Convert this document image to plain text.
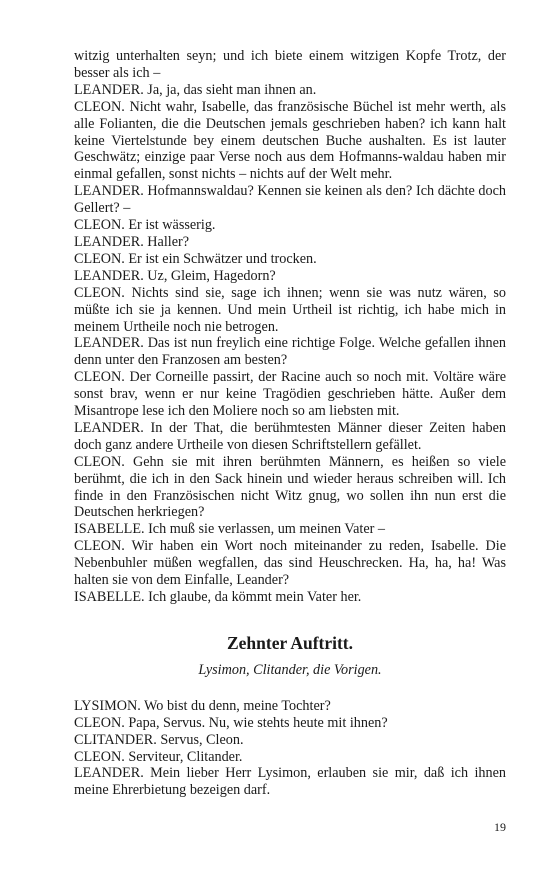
witzig unterhalten seyn; und ich biete einem witzigen Kopfe Trotz, der besser als ich –

LEANDER. Ja, ja, das sieht man ihnen an.

CLEON. Nicht wahr, Isabelle, das französische Büchel ist mehr werth, als alle Folianten, die die Deutschen jemals geschrieben haben? ich kann halt keine Viertelstunde bey einem deutschen Buche aushalten. Es ist lauter Geschwätz; einzige paar Verse noch aus dem Hofmanns-waldau haben mir einmal gefallen, sonst nichts – nichts auf der Welt mehr.

LEANDER. Hofmannswaldau? Kennen sie keinen als den? Ich dächte doch Gellert? –

CLEON. Er ist wässerig.

LEANDER. Haller?

CLEON. Er ist ein Schwätzer und trocken.

LEANDER. Uz, Gleim, Hagedorn?

CLEON. Nichts sind sie, sage ich ihnen; wenn sie was nutz wären, so müßte ich sie ja kennen. Und mein Urtheil ist richtig, ich habe mich in meinem Urtheile noch nie betrogen.

LEANDER. Das ist nun freylich eine richtige Folge. Welche gefallen ihnen denn unter den Franzosen am besten?

CLEON. Der Corneille passirt, der Racine auch so noch mit. Voltäre wäre sonst brav, wenn er nur keine Tragödien geschrieben hätte. Außer dem Misantrope lese ich den Moliere noch so am liebsten mit.

LEANDER. In der That, die berühmtesten Männer dieser Zeiten haben doch ganz andere Urtheile von diesen Schriftstellern gefället.

CLEON. Gehn sie mit ihren berühmten Männern, es heißen so viele berühmt, die ich in den Sack hinein und wieder heraus schreiben will. Ich finde in den Französischen nicht Witz gnug, wo sollen ihn nun erst die Deutschen herkriegen?

ISABELLE. Ich muß sie verlassen, um meinen Vater –

CLEON. Wir haben ein Wort noch miteinander zu reden, Isabelle. Die Nebenbuhler müßen wegfallen, das sind Heuschrecken. Ha, ha, ha! Was halten sie von dem Einfalle, Leander?

ISABELLE. Ich glaube, da kömmt mein Vater her.

Zehnter Auftritt.

Lysimon, Clitander, die Vorigen.

LYSIMON. Wo bist du denn, meine Tochter?

CLEON. Papa, Servus. Nu, wie stehts heute mit ihnen?

CLITANDER. Servus, Cleon.

CLEON. Serviteur, Clitander.

LEANDER. Mein lieber Herr Lysimon, erlauben sie mir, daß ich ihnen meine Ehrerbietung bezeigen darf.

19
